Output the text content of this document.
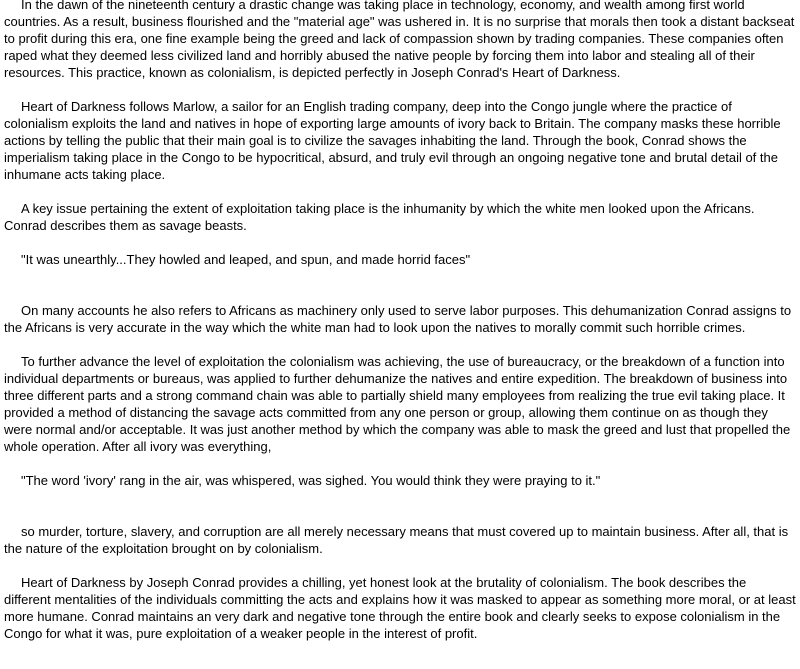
In the dawn of the nineteenth century a drastic change was taking place in technology, economy, and wealth among first world countries. As a result, business flourished and the "material age" was ushered in. It is no surprise that morals then took a distant backseat to profit during this era, one fine example being the greed and lack of compassion shown by trading companies. These companies often raped what they deemed less civilized land and horribly abused the native people by forcing them into labor and stealing all of their resources. This practice, known as colonialism, is depicted perfectly in Joseph Conrad's Heart of Darkness.

Heart of Darkness follows Marlow, a sailor for an English trading company, deep into the Congo jungle where the practice of colonialism exploits the land and natives in hope of exporting large amounts of ivory back to Britain. The company masks these horrible actions by telling the public that their main goal is to civilize the savages inhabiting the land. Through the book, Conrad shows the imperialism taking place in the Congo to be hypocritical, absurd, and truly evil through an ongoing negative tone and brutal detail of the inhumane acts taking place.

A key issue pertaining the extent of exploitation taking place is the inhumanity by which the white men looked upon the Africans. Conrad describes them as savage beasts.

"It was unearthly...They howled and leaped, and spun, and made horrid faces"

On many accounts he also refers to Africans as machinery only used to serve labor purposes. This dehumanization Conrad assigns to the Africans is very accurate in the way which the white man had to look upon the natives to morally commit such horrible crimes.

To further advance the level of exploitation the colonialism was achieving, the use of bureaucracy, or the breakdown of a function into individual departments or bureaus, was applied to further dehumanize the natives and entire expedition. The breakdown of business into three different parts and a strong command chain was able to partially shield many employees from realizing the true evil taking place. It provided a method of distancing the savage acts committed from any one person or group, allowing them continue on as though they were normal and/or acceptable. It was just another method by which the company was able to mask the greed and lust that propelled the whole operation. After all ivory was everything,

"The word 'ivory' rang in the air, was whispered, was sighed. You would think they were praying to it."

so murder, torture, slavery, and corruption are all merely necessary means that must covered up to maintain business. After all, that is the nature of the exploitation brought on by colonialism.

Heart of Darkness by Joseph Conrad provides a chilling, yet honest look at the brutality of colonialism. The book describes the different mentalities of the individuals committing the acts and explains how it was masked to appear as something more moral, or at least more humane. Conrad maintains an very dark and negative tone through the entire book and clearly seeks to expose colonialism in the Congo for what it was, pure exploitation of a weaker people in the interest of profit.
